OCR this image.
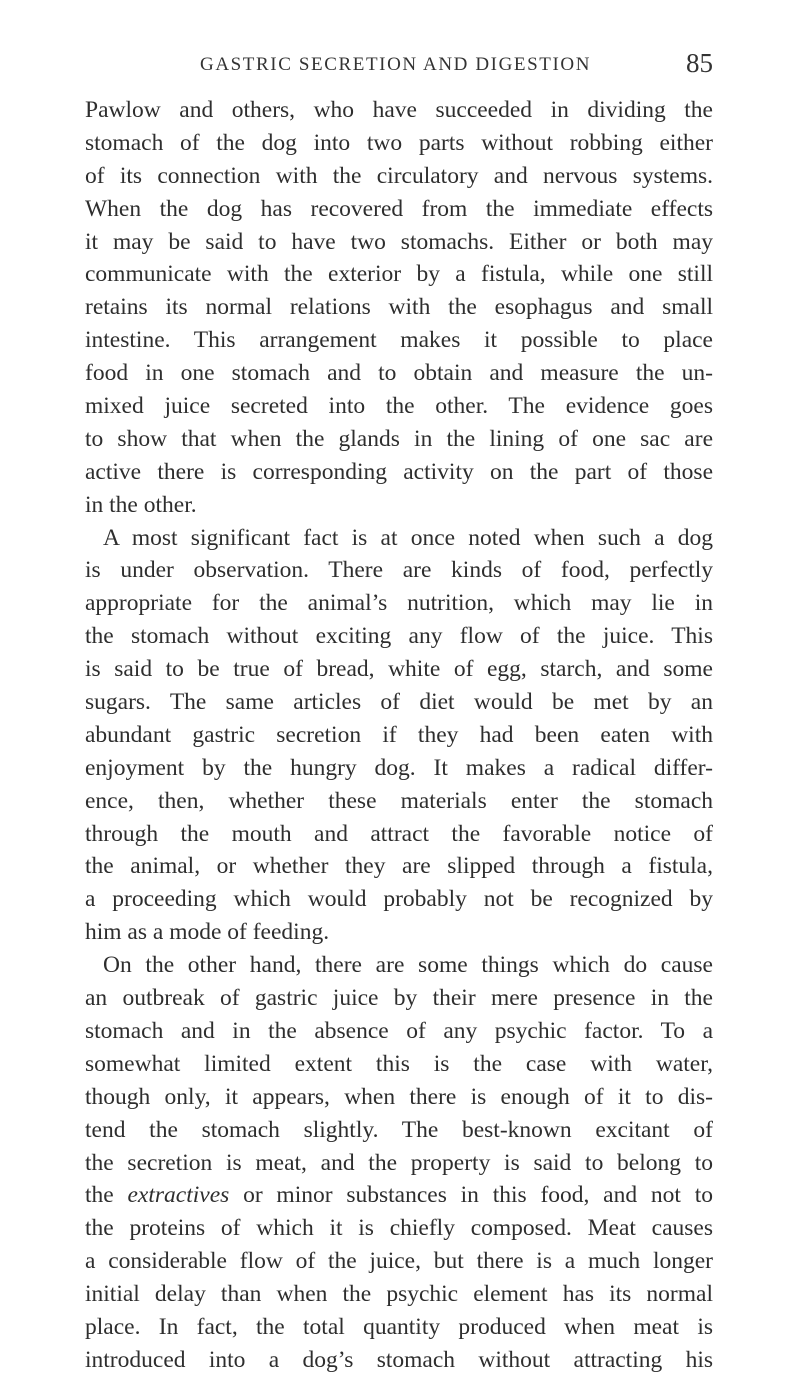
GASTRIC SECRETION AND DIGESTION	85
Pawlow and others, who have succeeded in dividing the
stomach of the dog into two parts without robbing either
of its connection with the circulatory and nervous systems.
When the dog has recovered from the immediate effects
it may be said to have two stomachs. Either or both may
communicate with the exterior by a fistula, while one still
retains its normal relations with the esophagus and small
intestine. This arrangement makes it possible to place
food in one stomach and to obtain and measure the un-
mixed juice secreted into the other. The evidence goes
to show that when the glands in the lining of one sac are
active there is corresponding activity on the part of those
in the other.
A most significant fact is at once noted when such a dog
is under observation. There are kinds of food, perfectly
appropriate for the animal’s nutrition, which may lie in
the stomach without exciting any flow of the juice. This
is said to be true of bread, white of egg, starch, and some
sugars. The same articles of diet would be met by an
abundant gastric secretion if they had been eaten with
enjoyment by the hungry dog. It makes a radical differ-
ence, then, whether these materials enter the stomach
through the mouth and attract the favorable notice of
the animal, or whether they are slipped through a fistula,
a proceeding which would probably not be recognized by
him as a mode of feeding.
On the other hand, there are some things which do cause
an outbreak of gastric juice by their mere presence in the
stomach and in the absence of any psychic factor. To a
somewhat limited extent this is the case with water,
though only, it appears, when there is enough of it to dis-
tend the stomach slightly. The best-known excitant of
the secretion is meat, and the property is said to belong to
the extractives or minor substances in this food, and not to
the proteins of which it is chiefly composed. Meat causes
a considerable flow of the juice, but there is a much longer
initial delay than when the psychic element has its normal
place. In fact, the total quantity produced when meat is
introduced into a dog’s stomach without attracting his
